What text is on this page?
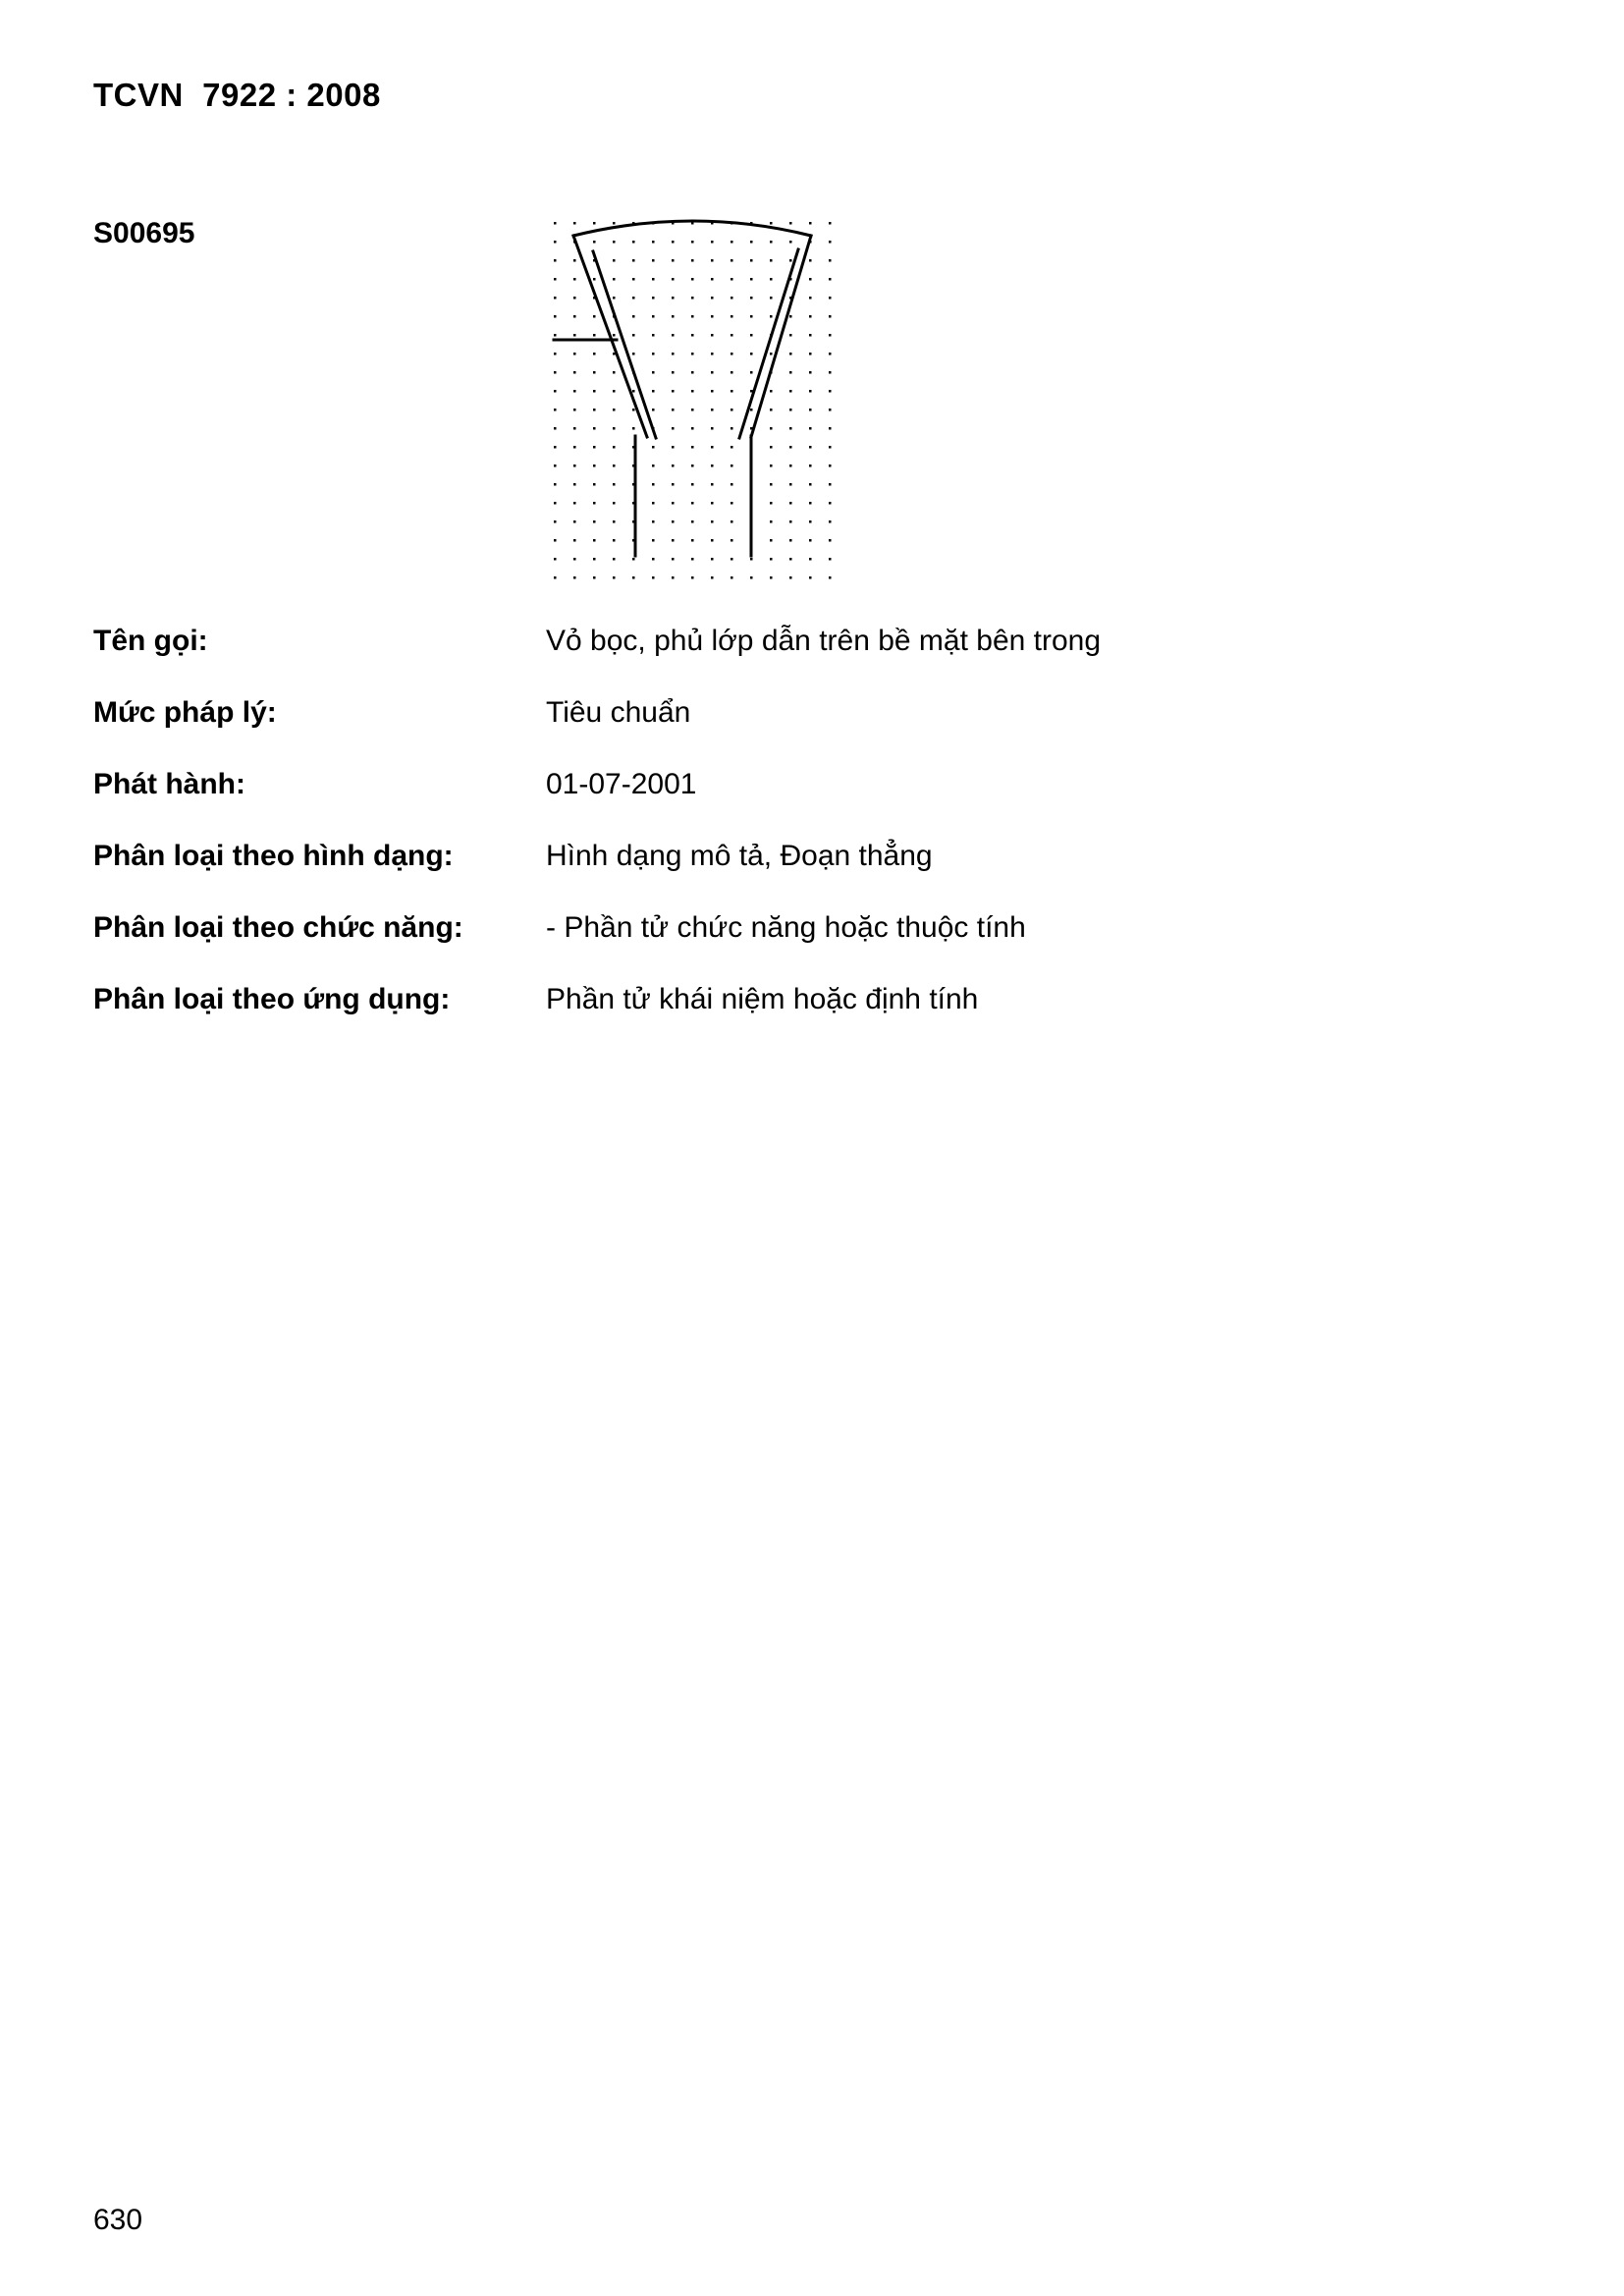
TCVN  7922 : 2008
S00695
Tên gọi:	Vỏ bọc, phủ lớp dẫn trên bề mặt bên trong
Mức pháp lý:	Tiêu chuẩn
Phát hành:	01-07-2001
Phân loại theo hình dạng:	Hình dạng mô tả, Đoạn thẳng
Phân loại theo chức năng:	- Phần tử chức năng hoặc thuộc tính
Phân loại theo ứng dụng:	Phần tử khái niệm hoặc định tính
630
